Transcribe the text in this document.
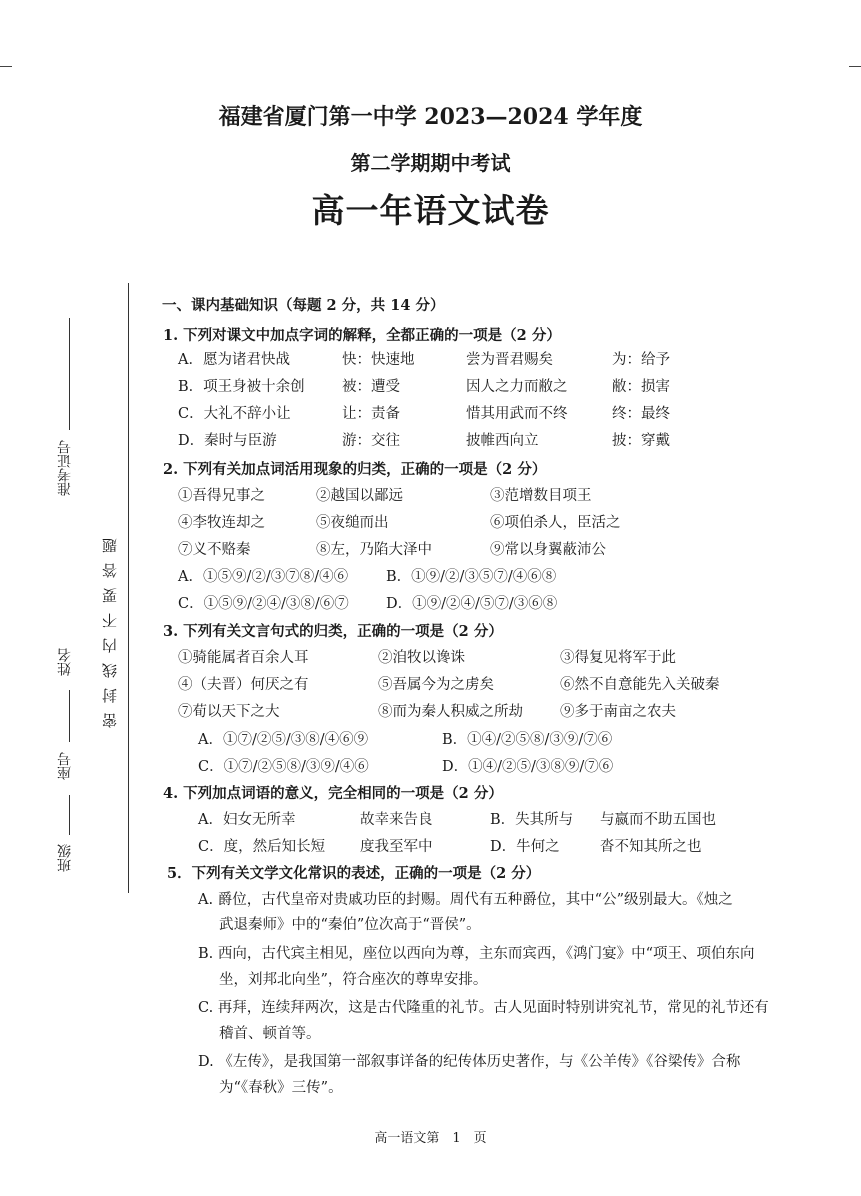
福建省厦门第一中学 2023—2024 学年度
第二学期期中考试
高一年语文试卷
准考证号
姓名
座号
班级
密封线内不要答题
一、课内基础知识（每题 2 分，共 14 分）
1. 下列对课文中加点字词的解释，全都正确的一项是（2 分）
A．愿为诸君快战	快：快速地	尝为晋君赐矣	为：给予
B．项王身被十余创	被：遭受	因人之力而敝之	敝：损害
C．大礼不辞小让	让：责备	惜其用武而不终	终：最终
D．秦时与臣游	游：交往	披帷西向立	披：穿戴
2. 下列有关加点词活用现象的归类，正确的一项是（2 分）
①吾得兄事之	②越国以鄙远	③范增数目项王
④李牧连却之	⑤夜缒而出	⑥项伯杀人，臣活之
⑦义不赂秦	⑧左，乃陷大泽中	⑨常以身翼蔽沛公
A．①⑤⑨/②/③⑦⑧/④⑥	B．①⑨/②/③⑤⑦/④⑥⑧
C．①⑤⑨/②④/③⑧/⑥⑦	D．①⑨/②④/⑤⑦/③⑥⑧
3. 下列有关文言句式的归类，正确的一项是（2 分）
①骑能属者百余人耳	②洎牧以谗诛	③得复见将军于此
④（夫晋）何厌之有	⑤吾属今为之虏矣	⑥然不自意能先入关破秦
⑦荀以天下之大	⑧而为秦人积威之所劫	⑨多于南亩之农夫
A．①⑦/②⑤/③⑧/④⑥⑨	B．①④/②⑤⑧/③⑨/⑦⑥
C．①⑦/②⑤⑧/③⑨/④⑥	D．①④/②⑤/③⑧⑨/⑦⑥
4. 下列加点词语的意义，完全相同的一项是（2 分）
A．妇女无所幸	故幸来告良	B．失其所与 与嬴而不助五国也
C．度，然后知长短 度我至军中	D．牛何之	沓不知其所之也
5．下列有关文学文化常识的表述，正确的一项是（2 分）
A. 爵位，古代皇帝对贵戚功臣的封赐。周代有五种爵位，其中“公”级别最大。《烛之
武退秦师》中的“秦伯”位次高于“晋侯”。
B. 西向，古代宾主相见，座位以西向为尊，主东而宾西，《鸿门宴》中“项王、项伯东向
坐，刘邦北向坐”，符合座次的尊卑安排。
C. 再拜，连续拜两次，这是古代隆重的礼节。古人见面时特别讲究礼节，常见的礼节还有
稽首、顿首等。
D. 《左传》，是我国第一部叙事详备的纪传体历史著作，与《公羊传》《谷梁传》合称
为“《春秋》三传”。
高一语文第　1　页
